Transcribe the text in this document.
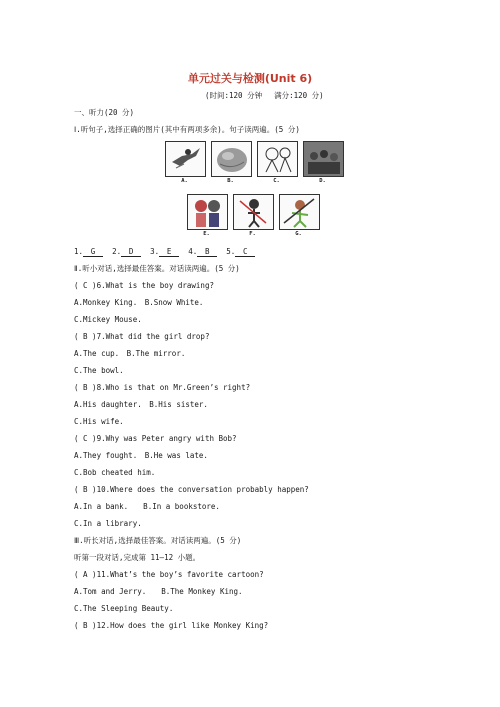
单元过关与检测(Unit 6)
(时间:120 分钟　 满分:120 分)
一、听力(20 分)
Ⅰ.听句子,选择正确的图片(其中有两项多余)。句子读两遍。(5 分)
A.	B.	C.	D.
E.	F.	G.
1. G 2. D 3. E 4. B 5. C
Ⅱ.听小对话,选择最佳答案。对话读两遍。(5 分)
( C )6.What is the boy drawing?
A.Monkey King.　B.Snow White.
C.Mickey Mouse.
( B )7.What did the girl drop?
A.The cup.　B.The mirror.
C.The bowl.
( B )8.Who is that on Mr.Green’s right?
A.His daughter.　B.His sister.
C.His wife.
( C )9.Why was Peter angry with Bob?
A.They fought.　B.He was late.
C.Bob cheated him.
( B )10.Where does the conversation probably happen?
A.In a bank.　　B.In a bookstore.
C.In a library.
Ⅲ.听长对话,选择最佳答案。对话读两遍。(5 分)
听第一段对话,完成第 11—12 小题。
( A )11.What’s the boy’s favorite cartoon?
A.Tom and Jerry.　　B.The Monkey King.
C.The Sleeping Beauty.
( B )12.How does the girl like Monkey King?
